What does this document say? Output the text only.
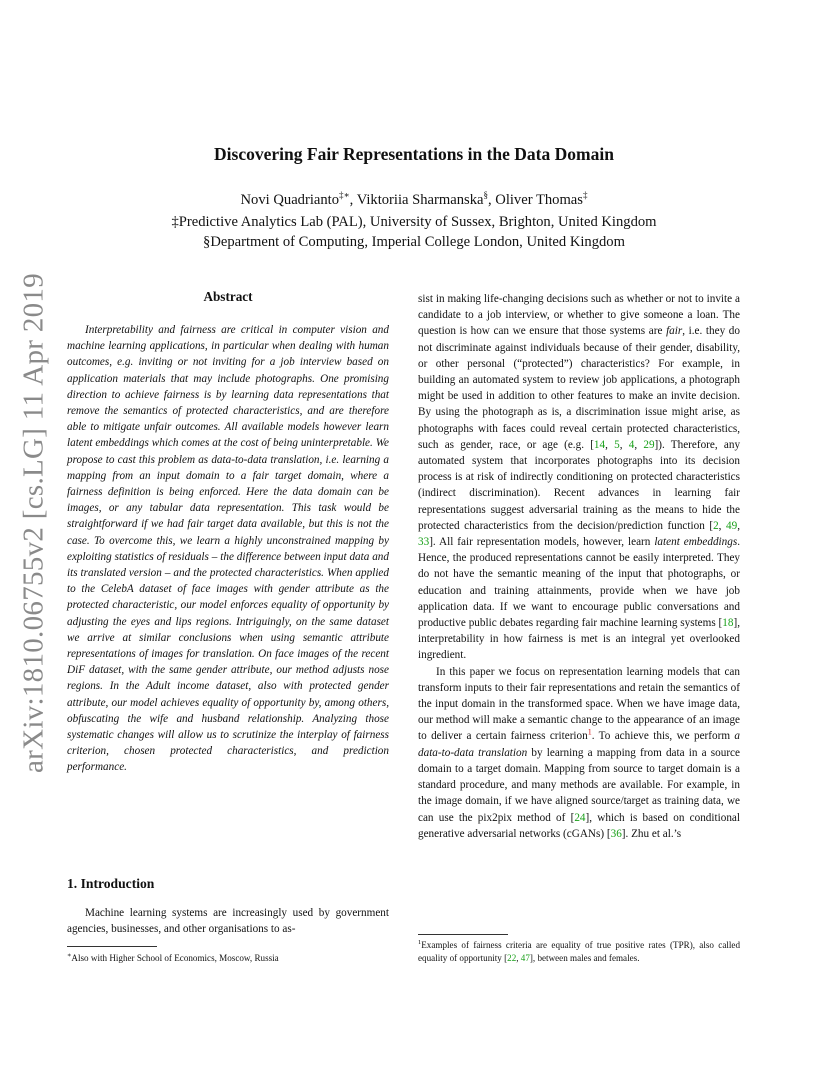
arXiv:1810.06755v2 [cs.LG] 11 Apr 2019
Discovering Fair Representations in the Data Domain
Novi Quadrianto‡∗, Viktoriia Sharmanska§, Oliver Thomas‡
‡Predictive Analytics Lab (PAL), University of Sussex, Brighton, United Kingdom
§Department of Computing, Imperial College London, United Kingdom
Abstract

Interpretability and fairness are critical in computer vision and machine learning applications, in particular when dealing with human outcomes, e.g. inviting or not inviting for a job interview based on application materials that may include photographs. One promising direction to achieve fairness is by learning data representations that remove the semantics of protected characteristics, and are therefore able to mitigate unfair outcomes. All available models however learn latent embeddings which comes at the cost of being uninterpretable. We propose to cast this problem as data-to-data translation, i.e. learning a mapping from an input domain to a fair target domain, where a fairness definition is being enforced. Here the data domain can be images, or any tabular data representation. This task would be straightforward if we had fair target data available, but this is not the case. To overcome this, we learn a highly unconstrained mapping by exploiting statistics of residuals – the difference between input data and its translated version – and the protected characteristics. When applied to the CelebA dataset of face images with gender attribute as the protected characteristic, our model enforces equality of opportunity by adjusting the eyes and lips regions. Intriguingly, on the same dataset we arrive at similar conclusions when using semantic attribute representations of images for translation. On face images of the recent DiF dataset, with the same gender attribute, our method adjusts nose regions. In the Adult income dataset, also with protected gender attribute, our model achieves equality of opportunity by, among others, obfuscating the wife and husband relationship. Analyzing those systematic changes will allow us to scrutinize the interplay of fairness criterion, chosen protected characteristics, and prediction performance.

1. Introduction

Machine learning systems are increasingly used by government agencies, businesses, and other organisations to as-

∗Also with Higher School of Economics, Moscow, Russia

sist in making life-changing decisions such as whether or not to invite a candidate to a job interview, or whether to give someone a loan. The question is how can we ensure that those systems are fair, i.e. they do not discriminate against individuals because of their gender, disability, or other personal (“protected”) characteristics? For example, in building an automated system to review job applications, a photograph might be used in addition to other features to make an invite decision. By using the photograph as is, a discrimination issue might arise, as photographs with faces could reveal certain protected characteristics, such as gender, race, or age (e.g. [14, 5, 4, 29]). Therefore, any automated system that incorporates photographs into its decision process is at risk of indirectly conditioning on protected characteristics (indirect discrimination). Recent advances in learning fair representations suggest adversarial training as the means to hide the protected characteristics from the decision/prediction function [2, 49, 33]. All fair representation models, however, learn latent embeddings. Hence, the produced representations cannot be easily interpreted. They do not have the semantic meaning of the input that photographs, or education and training attainments, provide when we have job application data. If we want to encourage public conversations and productive public debates regarding fair machine learning systems [18], interpretability in how fairness is met is an integral yet overlooked ingredient.

In this paper we focus on representation learning models that can transform inputs to their fair representations and retain the semantics of the input domain in the transformed space. When we have image data, our method will make a semantic change to the appearance of an image to deliver a certain fairness criterion$^1$. To achieve this, we perform a data-to-data translation by learning a mapping from data in a source domain to a target domain. Mapping from source to target domain is a standard procedure, and many methods are available. For example, in the image domain, if we have aligned source/target as training data, we can use the pix2pix method of [24], which is based on conditional generative adversarial networks (cGANs) [36]. Zhu et al.’s

$^1$Examples of fairness criteria are equality of true positive rates (TPR), also called equality of opportunity [22, 47], between males and females.
